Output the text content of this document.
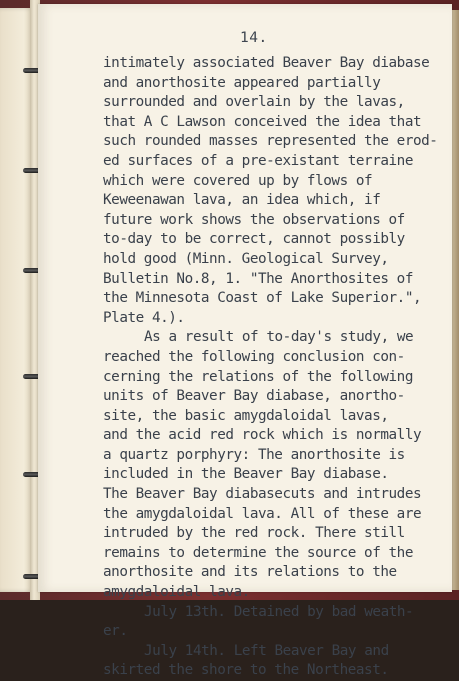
14.
intimately associated Beaver Bay diabase
and anorthosite appeared partially
surrounded and overlain by the lavas,
that A C Lawson conceived the idea that
such rounded masses represented the erod-
ed surfaces of a pre-existant terraine
which were covered up by flows of
Keweenawan lava, an idea which, if
future work shows the observations of
to-day to be correct, cannot possibly
hold good (Minn. Geological Survey,
Bulletin No.8, 1. "The Anorthosites of
the Minnesota Coast of Lake Superior.",
Plate 4.).
As a result of to-day's study, we
reached the following conclusion con-
cerning the relations of the following
units of Beaver Bay diabase, anortho-
site, the basic amygdaloidal lavas,
and the acid red rock which is normally
a quartz porphyry: The anorthosite is
included in the Beaver Bay diabase.
The Beaver Bay diabasecuts and intrudes
the amygdaloidal lava. All of these are
intruded by the red rock. There still
remains to determine the source of the
anorthosite and its relations to the
amygdaloidal lava.
July 13th. Detained by bad weath-
er.
July 14th. Left Beaver Bay and
skirted the shore to the Northeast.
